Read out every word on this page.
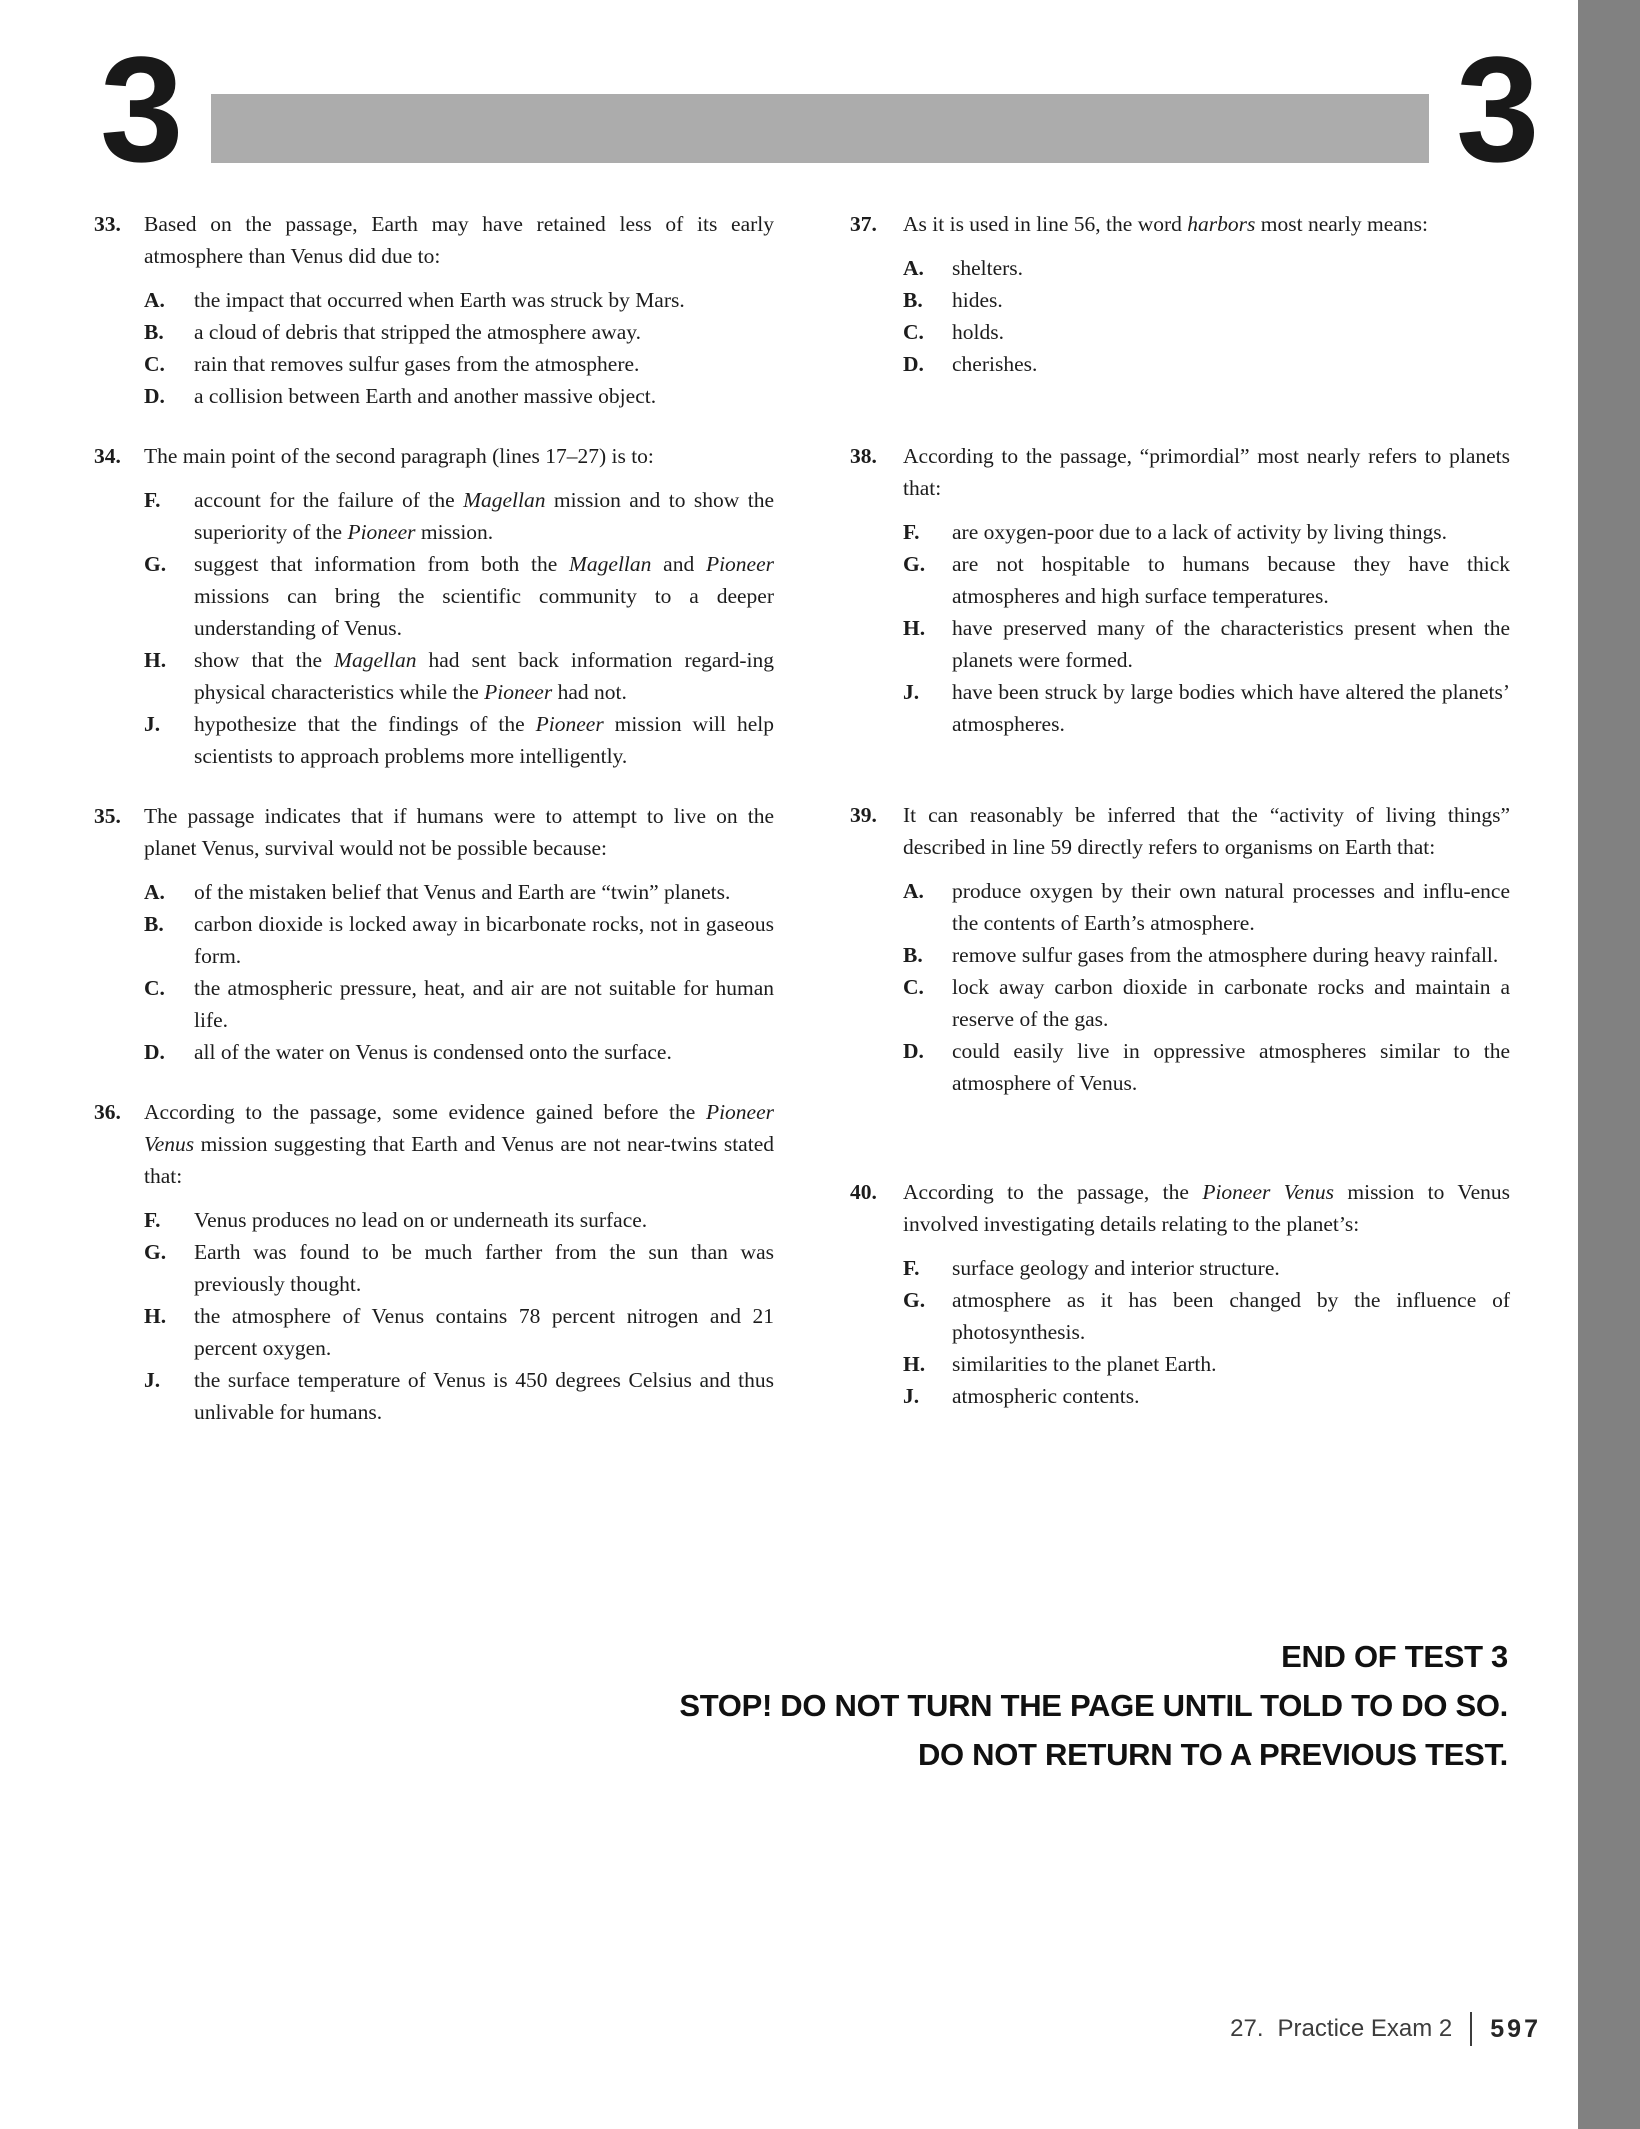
3	3
33.	Based on the passage, Earth may have retained less of its early atmosphere than Venus did due to:
A.	the impact that occurred when Earth was struck by Mars.
B.	a cloud of debris that stripped the atmosphere away.
C.	rain that removes sulfur gases from the atmosphere.
D.	a collision between Earth and another massive object.
34.	The main point of the second paragraph (lines 17–27) is to:
F.	account for the failure of the Magellan mission and to show the superiority of the Pioneer mission.
G.	suggest that information from both the Magellan and Pioneer missions can bring the scientific community to a deeper understanding of Venus.
H.	show that the Magellan had sent back information regard-ing physical characteristics while the Pioneer had not.
J.	hypothesize that the findings of the Pioneer mission will help scientists to approach problems more intelligently.
35.	The passage indicates that if humans were to attempt to live on the planet Venus, survival would not be possible because:
A.	of the mistaken belief that Venus and Earth are “twin” planets.
B.	carbon dioxide is locked away in bicarbonate rocks, not in gaseous form.
C.	the atmospheric pressure, heat, and air are not suitable for human life.
D.	all of the water on Venus is condensed onto the surface.
36.	According to the passage, some evidence gained before the Pioneer Venus mission suggesting that Earth and Venus are not near-twins stated that:
F.	Venus produces no lead on or underneath its surface.
G.	Earth was found to be much farther from the sun than was previously thought.
H.	the atmosphere of Venus contains 78 percent nitrogen and 21 percent oxygen.
J.	the surface temperature of Venus is 450 degrees Celsius and thus unlivable for humans.
37.	As it is used in line 56, the word harbors most nearly means:
A.	shelters.
B.	hides.
C.	holds.
D.	cherishes.
38.	According to the passage, “primordial” most nearly refers to planets that:
F.	are oxygen-poor due to a lack of activity by living things.
G.	are not hospitable to humans because they have thick atmospheres and high surface temperatures.
H.	have preserved many of the characteristics present when the planets were formed.
J.	have been struck by large bodies which have altered the planets’ atmospheres.
39.	It can reasonably be inferred that the “activity of living things” described in line 59 directly refers to organisms on Earth that:
A.	produce oxygen by their own natural processes and influ-ence the contents of Earth’s atmosphere.
B.	remove sulfur gases from the atmosphere during heavy rainfall.
C.	lock away carbon dioxide in carbonate rocks and maintain a reserve of the gas.
D.	could easily live in oppressive atmospheres similar to the atmosphere of Venus.
40.	According to the passage, the Pioneer Venus mission to Venus involved investigating details relating to the planet’s:
F.	surface geology and interior structure.
G.	atmosphere as it has been changed by the influence of photosynthesis.
H.	similarities to the planet Earth.
J.	atmospheric contents.
END OF TEST 3
STOP! DO NOT TURN THE PAGE UNTIL TOLD TO DO SO.
DO NOT RETURN TO A PREVIOUS TEST.
27. Practice Exam 2 597
